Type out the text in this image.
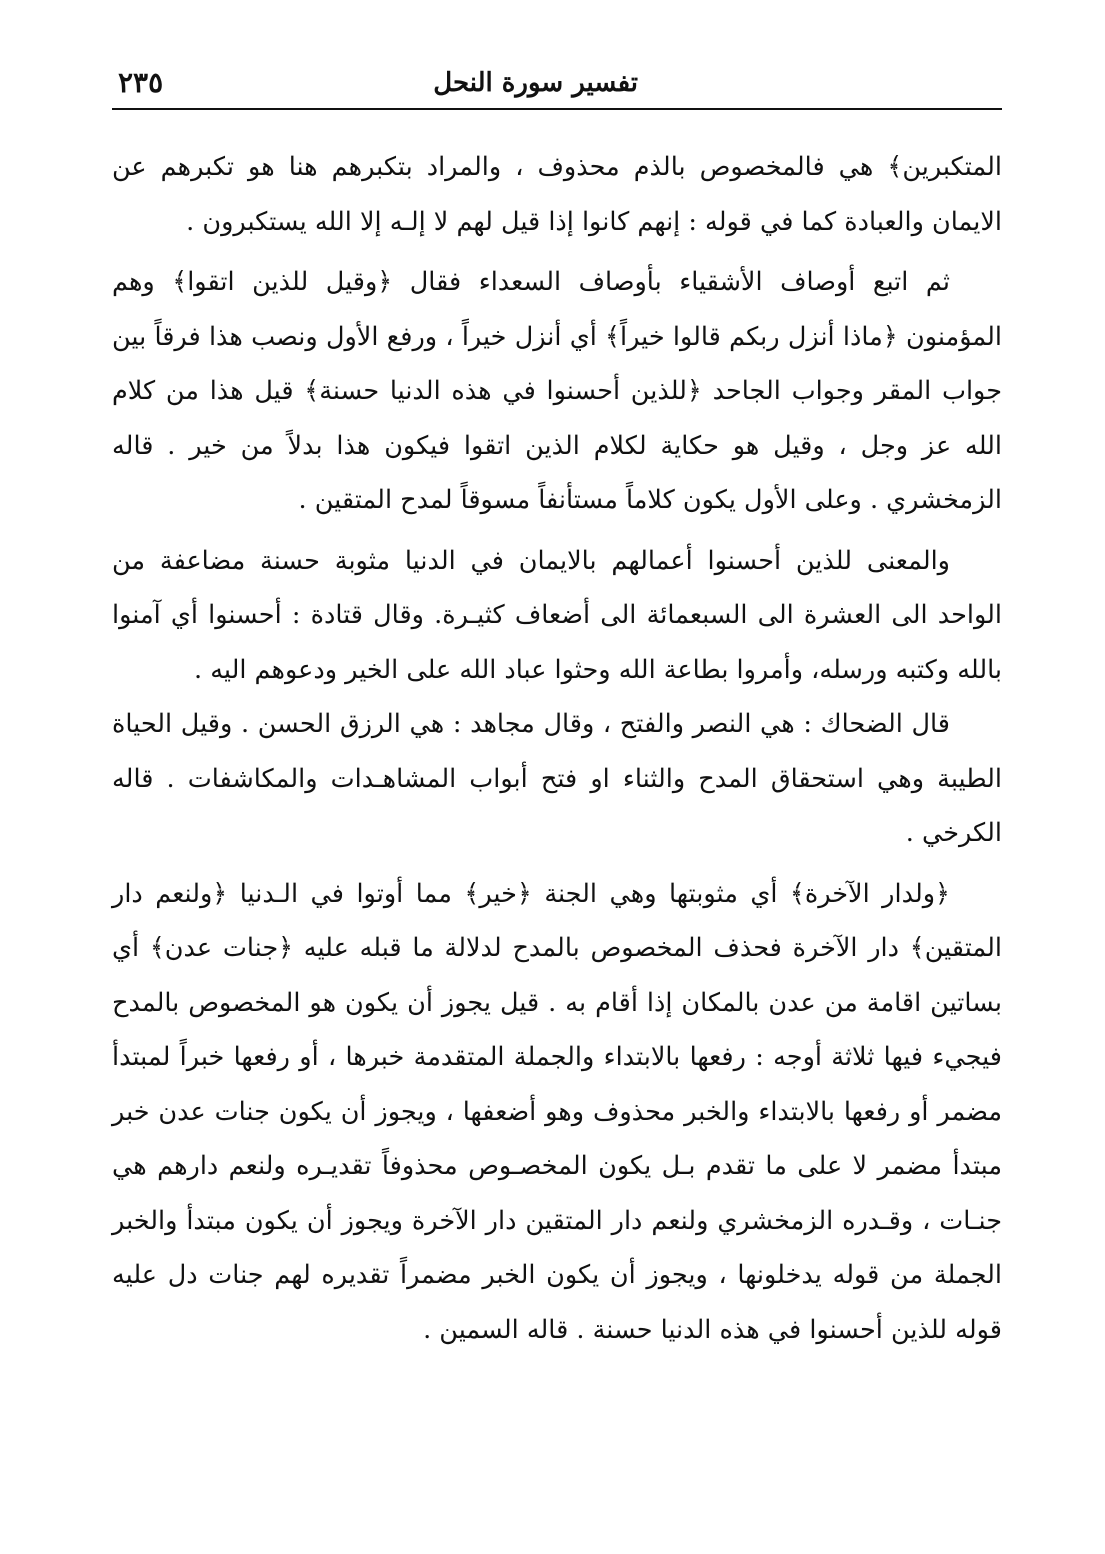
تفسير سورة النحل
٢٣٥

المتكبرين﴾ هي فالمخصوص بالذم محذوف ، والمراد بتكبرهم هنا هو تكبرهم عن الايمان والعبادة كما في قوله : إنهم كانوا إذا قيل لهم لا إلـه إلا الله يستكبرون .

ثم اتبع أوصاف الأشقياء بأوصاف السعداء فقال ﴿وقيل للذين اتقوا﴾ وهم المؤمنون ﴿ماذا أنزل ربكم قالوا خيراً﴾ أي أنزل خيراً ، ورفع الأول ونصب هذا فرقاً بين جواب المقر وجواب الجاحد ﴿للذين أحسنوا في هذه الدنيا حسنة﴾ قيل هذا من كلام الله عز وجل ، وقيل هو حكاية لكلام الذين اتقوا فيكون هذا بدلاً من خير . قاله الزمخشري . وعلى الأول يكون كلاماً مستأنفاً مسوقاً لمدح المتقين .

والمعنى للذين أحسنوا أعمالهم بالايمان في الدنيا مثوبة حسنة مضاعفة من الواحد الى العشرة الى السبعمائة الى أضعاف كثيـرة. وقال قتادة : أحسنوا أي آمنوا بالله وكتبه ورسله، وأمروا بطاعة الله وحثوا عباد الله على الخير ودعوهم اليه .

قال الضحاك : هي النصر والفتح ، وقال مجاهد : هي الرزق الحسن . وقيل الحياة الطيبة وهي استحقاق المدح والثناء او فتح أبواب المشاهـدات والمكاشفات . قاله الكرخي .

﴿ولدار الآخرة﴾ أي مثوبتها وهي الجنة ﴿خير﴾ مما أوتوا في الـدنيا ﴿ولنعم دار المتقين﴾ دار الآخرة فحذف المخصوص بالمدح لدلالة ما قبله عليه ﴿جنات عدن﴾ أي بساتين اقامة من عدن بالمكان إذا أقام به . قيل يجوز أن يكون هو المخصوص بالمدح فيجيء فيها ثلاثة أوجه : رفعها بالابتداء والجملة المتقدمة خبرها ، أو رفعها خبراً لمبتدأ مضمر أو رفعها بالابتداء والخبر محذوف وهو أضعفها ، ويجوز أن يكون جنات عدن خبر مبتدأ مضمر لا على ما تقدم بـل يكون المخصـوص محذوفاً تقديـره ولنعم دارهم هي جنـات ، وقـدره الزمخشري ولنعم دار المتقين دار الآخرة ويجوز أن يكون مبتدأ والخبر الجملة من قوله يدخلونها ، ويجوز أن يكون الخبر مضمراً تقديره لهم جنات دل عليه قوله للذين أحسنوا في هذه الدنيا حسنة . قاله السمين .
